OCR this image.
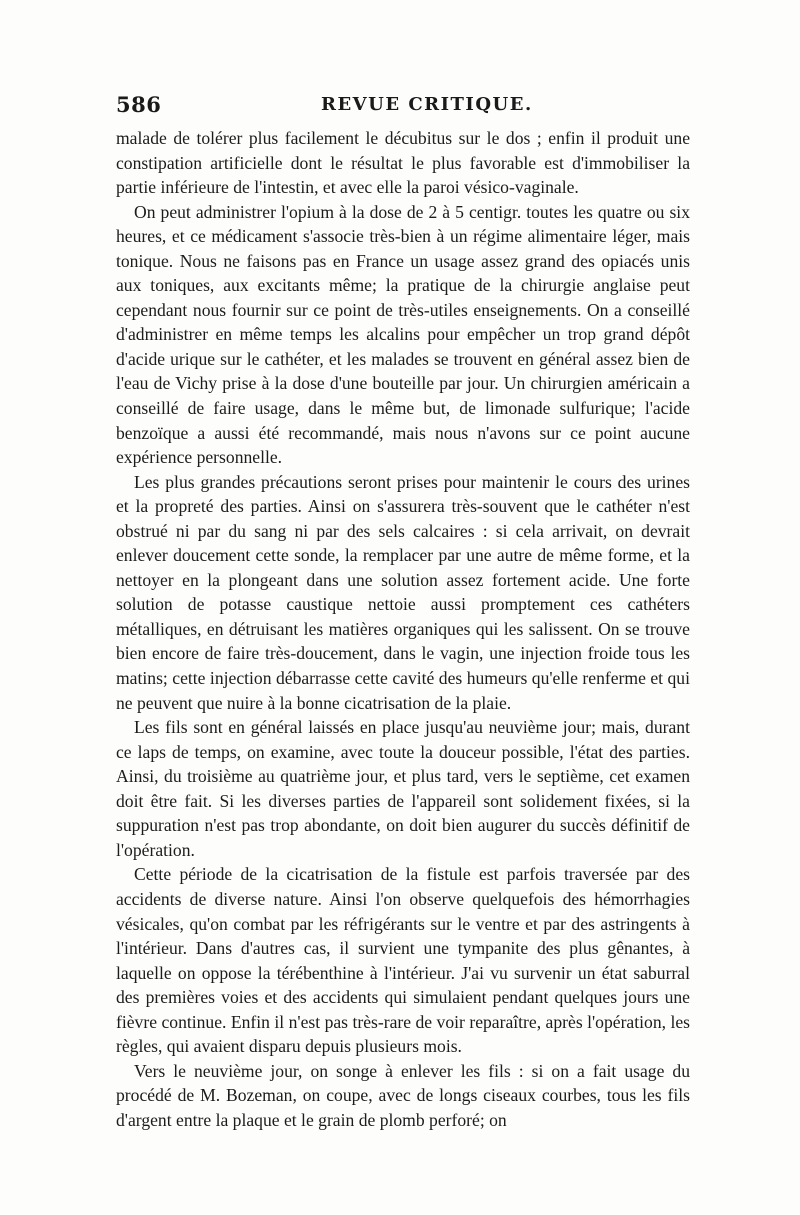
586	REVUE CRITIQUE.

malade de tolérer plus facilement le décubitus sur le dos ; enfin il produit une constipation artificielle dont le résultat le plus favorable est d'immobiliser la partie inférieure de l'intestin, et avec elle la paroi vésico-vaginale.

On peut administrer l'opium à la dose de 2 à 5 centigr. toutes les quatre ou six heures, et ce médicament s'associe très-bien à un régime alimentaire léger, mais tonique. Nous ne faisons pas en France un usage assez grand des opiacés unis aux toniques, aux excitants même; la pratique de la chirurgie anglaise peut cependant nous fournir sur ce point de très-utiles enseignements. On a conseillé d'administrer en même temps les alcalins pour empêcher un trop grand dépôt d'acide urique sur le cathéter, et les malades se trouvent en général assez bien de l'eau de Vichy prise à la dose d'une bouteille par jour. Un chirurgien américain a conseillé de faire usage, dans le même but, de limonade sulfurique; l'acide benzoïque a aussi été recommandé, mais nous n'avons sur ce point aucune expérience personnelle.

Les plus grandes précautions seront prises pour maintenir le cours des urines et la propreté des parties. Ainsi on s'assurera très-souvent que le cathéter n'est obstrué ni par du sang ni par des sels calcaires : si cela arrivait, on devrait enlever doucement cette sonde, la remplacer par une autre de même forme, et la nettoyer en la plongeant dans une solution assez fortement acide. Une forte solution de potasse caustique nettoie aussi promptement ces cathéters métalliques, en détruisant les matières organiques qui les salissent. On se trouve bien encore de faire très-doucement, dans le vagin, une injection froide tous les matins; cette injection débarrasse cette cavité des humeurs qu'elle renferme et qui ne peuvent que nuire à la bonne cicatrisation de la plaie.

Les fils sont en général laissés en place jusqu'au neuvième jour; mais, durant ce laps de temps, on examine, avec toute la douceur possible, l'état des parties. Ainsi, du troisième au quatrième jour, et plus tard, vers le septième, cet examen doit être fait. Si les diverses parties de l'appareil sont solidement fixées, si la suppuration n'est pas trop abondante, on doit bien augurer du succès définitif de l'opération.

Cette période de la cicatrisation de la fistule est parfois traversée par des accidents de diverse nature. Ainsi l'on observe quelquefois des hémorrhagies vésicales, qu'on combat par les réfrigérants sur le ventre et par des astringents à l'intérieur. Dans d'autres cas, il survient une tympanite des plus gênantes, à laquelle on oppose la térébenthine à l'intérieur. J'ai vu survenir un état saburral des premières voies et des accidents qui simulaient pendant quelques jours une fièvre continue. Enfin il n'est pas très-rare de voir reparaître, après l'opération, les règles, qui avaient disparu depuis plusieurs mois.

Vers le neuvième jour, on songe à enlever les fils : si on a fait usage du procédé de M. Bozeman, on coupe, avec de longs ciseaux courbes, tous les fils d'argent entre la plaque et le grain de plomb perforé; on
